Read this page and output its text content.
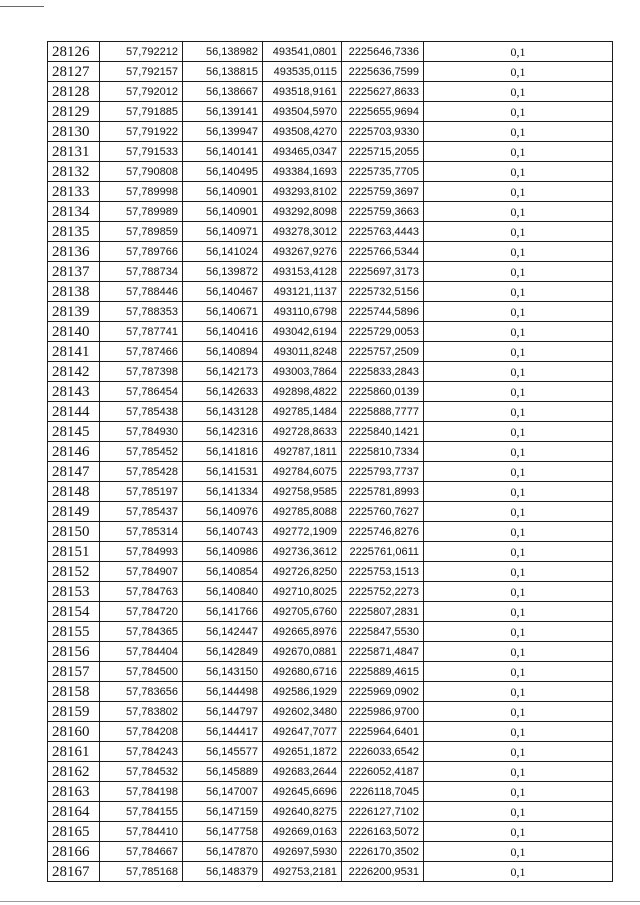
28126	57,792212	56,138982	493541,0801	2225646,7336	0,1
28127	57,792157	56,138815	493535,0115	2225636,7599	0,1
28128	57,792012	56,138667	493518,9161	2225627,8633	0,1
28129	57,791885	56,139141	493504,5970	2225655,9694	0,1
28130	57,791922	56,139947	493508,4270	2225703,9330	0,1
28131	57,791533	56,140141	493465,0347	2225715,2055	0,1
28132	57,790808	56,140495	493384,1693	2225735,7705	0,1
28133	57,789998	56,140901	493293,8102	2225759,3697	0,1
28134	57,789989	56,140901	493292,8098	2225759,3663	0,1
28135	57,789859	56,140971	493278,3012	2225763,4443	0,1
28136	57,789766	56,141024	493267,9276	2225766,5344	0,1
28137	57,788734	56,139872	493153,4128	2225697,3173	0,1
28138	57,788446	56,140467	493121,1137	2225732,5156	0,1
28139	57,788353	56,140671	493110,6798	2225744,5896	0,1
28140	57,787741	56,140416	493042,6194	2225729,0053	0,1
28141	57,787466	56,140894	493011,8248	2225757,2509	0,1
28142	57,787398	56,142173	493003,7864	2225833,2843	0,1
28143	57,786454	56,142633	492898,4822	2225860,0139	0,1
28144	57,785438	56,143128	492785,1484	2225888,7777	0,1
28145	57,784930	56,142316	492728,8633	2225840,1421	0,1
28146	57,785452	56,141816	492787,1811	2225810,7334	0,1
28147	57,785428	56,141531	492784,6075	2225793,7737	0,1
28148	57,785197	56,141334	492758,9585	2225781,8993	0,1
28149	57,785437	56,140976	492785,8088	2225760,7627	0,1
28150	57,785314	56,140743	492772,1909	2225746,8276	0,1
28151	57,784993	56,140986	492736,3612	2225761,0611	0,1
28152	57,784907	56,140854	492726,8250	2225753,1513	0,1
28153	57,784763	56,140840	492710,8025	2225752,2273	0,1
28154	57,784720	56,141766	492705,6760	2225807,2831	0,1
28155	57,784365	56,142447	492665,8976	2225847,5530	0,1
28156	57,784404	56,142849	492670,0881	2225871,4847	0,1
28157	57,784500	56,143150	492680,6716	2225889,4615	0,1
28158	57,783656	56,144498	492586,1929	2225969,0902	0,1
28159	57,783802	56,144797	492602,3480	2225986,9700	0,1
28160	57,784208	56,144417	492647,7077	2225964,6401	0,1
28161	57,784243	56,145577	492651,1872	2226033,6542	0,1
28162	57,784532	56,145889	492683,2644	2226052,4187	0,1
28163	57,784198	56,147007	492645,6696	2226118,7045	0,1
28164	57,784155	56,147159	492640,8275	2226127,7102	0,1
28165	57,784410	56,147758	492669,0163	2226163,5072	0,1
28166	57,784667	56,147870	492697,5930	2226170,3502	0,1
28167	57,785168	56,148379	492753,2181	2226200,9531	0,1
